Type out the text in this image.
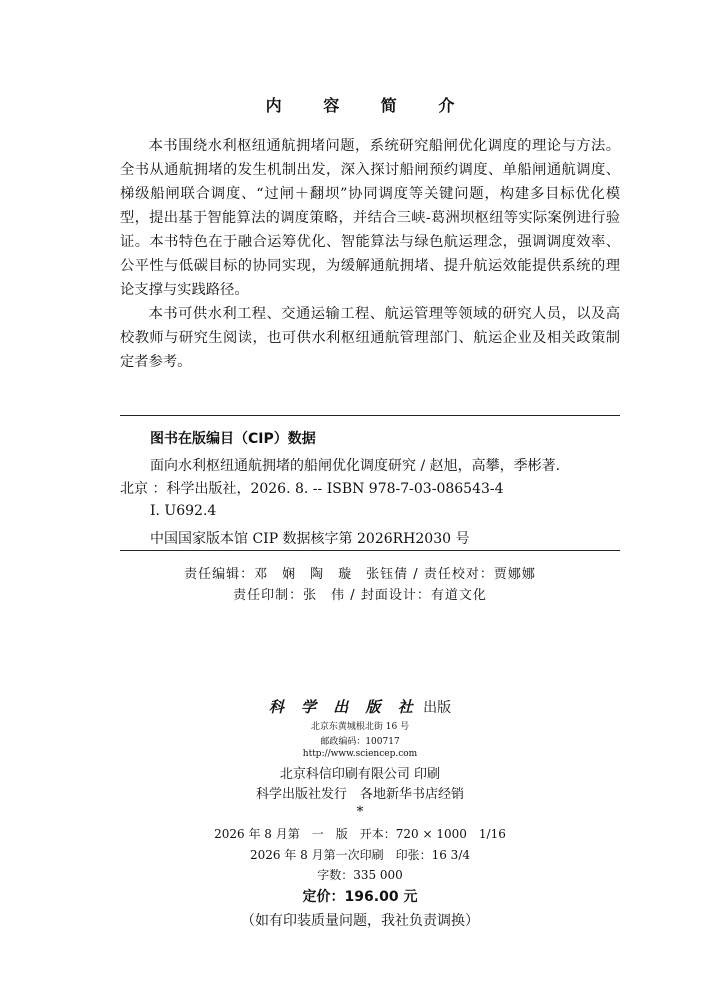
内 容 简 介

本书围绕水利枢纽通航拥堵问题，系统研究船闸优化调度的理论与方法。全书从通航拥堵的发生机制出发，深入探讨船闸预约调度、单船闸通航调度、梯级船闸联合调度、“过闸＋翻坝”协同调度等关键问题，构建多目标优化模型，提出基于智能算法的调度策略，并结合三峡-葛洲坝枢纽等实际案例进行验证。本书特色在于融合运筹优化、智能算法与绿色航运理念，强调调度效率、公平性与低碳目标的协同实现，为缓解通航拥堵、提升航运效能提供系统的理论支撑与实践路径。

本书可供水利工程、交通运输工程、航运管理等领域的研究人员，以及高校教师与研究生阅读，也可供水利枢纽通航管理部门、航运企业及相关政策制定者参考。

图书在版编目（CIP）数据
面向水利枢纽通航拥堵的船闸优化调度研究 / 赵旭，高攀，季彬著.
北京 ：科学出版社，2026. 8. -- ISBN 978-7-03-086543-4
Ⅰ. U692.4
中国国家版本馆 CIP 数据核字第 2026RH2030 号
责任编辑：邓　娴　陶　璇　张钰倩 / 责任校对：贾娜娜
责任印制：张　伟 / 封面设计：有道文化
科 学 出 版 社 出版
北京东黄城根北街 16 号
邮政编码：100717
http://www.sciencep.com
北京科信印刷有限公司 印刷
科学出版社发行　各地新华书店经销
*
2026 年 8 月第　一　版　开本：720 × 1000　1/16
2026 年 8 月第一次印刷　印张：16 3/4
字数：335 000
定价：196.00 元
（如有印装质量问题，我社负责调换）
